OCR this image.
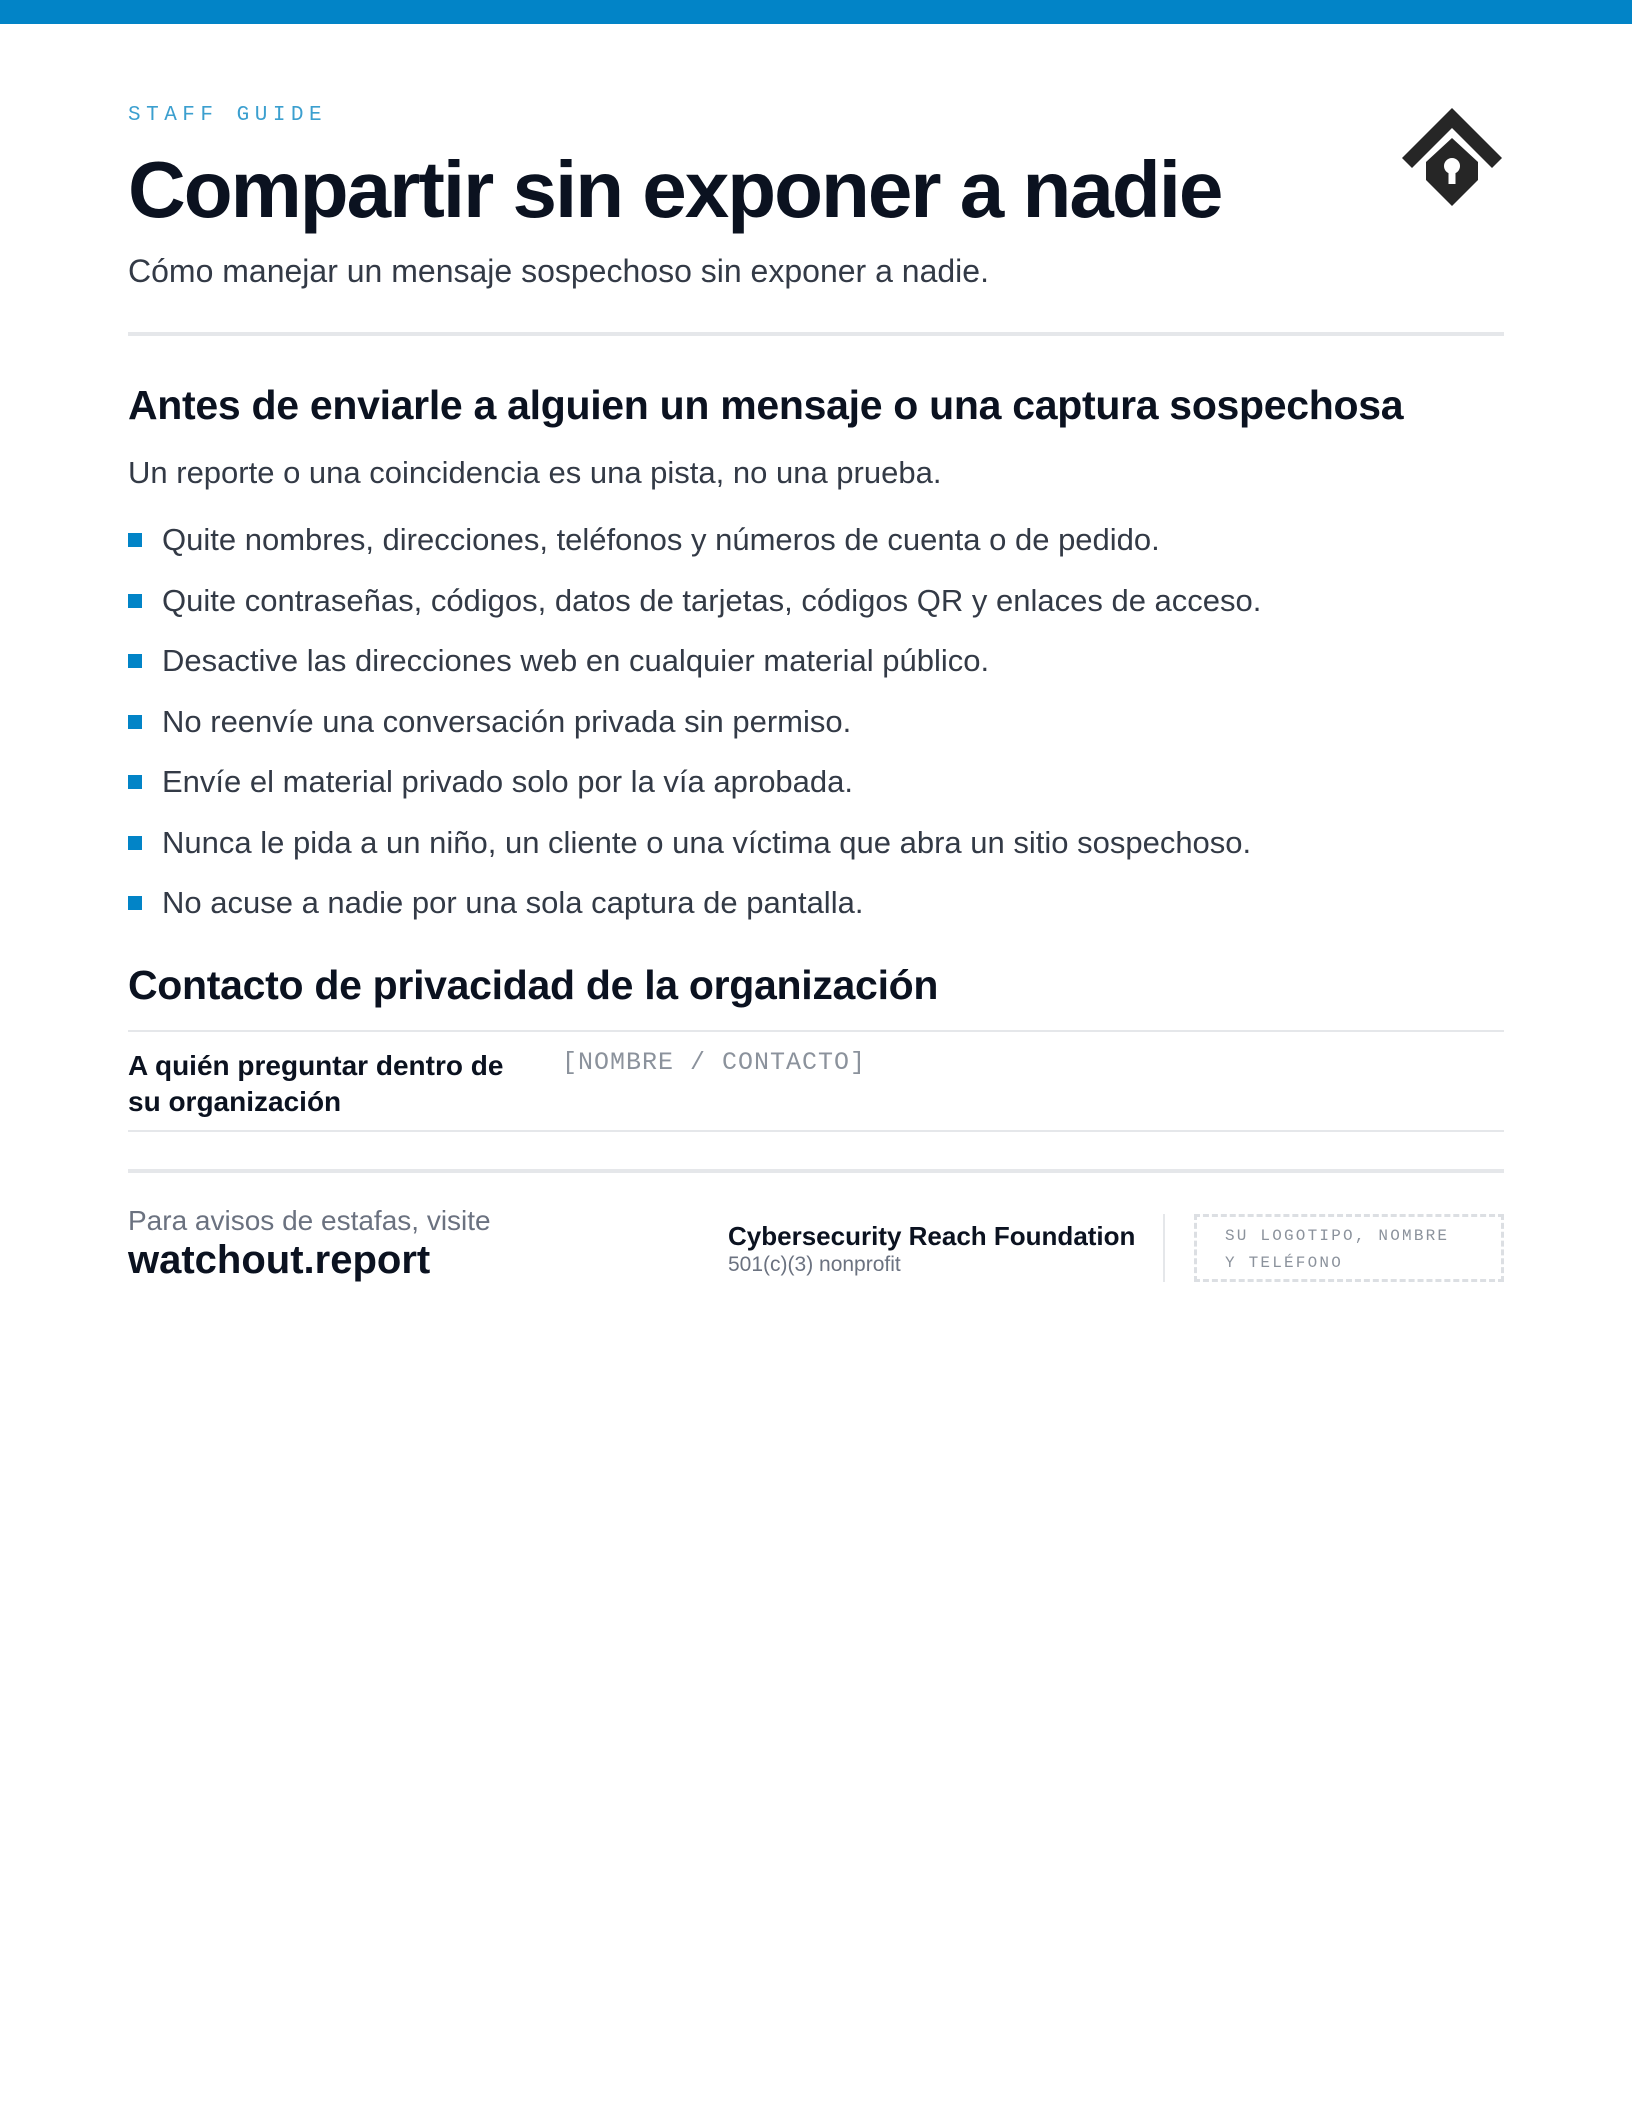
STAFF GUIDE
Compartir sin exponer a nadie
Cómo manejar un mensaje sospechoso sin exponer a nadie.
Antes de enviarle a alguien un mensaje o una captura sospechosa
Un reporte o una coincidencia es una pista, no una prueba.
Quite nombres, direcciones, teléfonos y números de cuenta o de pedido.
Quite contraseñas, códigos, datos de tarjetas, códigos QR y enlaces de acceso.
Desactive las direcciones web en cualquier material público.
No reenvíe una conversación privada sin permiso.
Envíe el material privado solo por la vía aprobada.
Nunca le pida a un niño, un cliente o una víctima que abra un sitio sospechoso.
No acuse a nadie por una sola captura de pantalla.
Contacto de privacidad de la organización
A quién preguntar dentro de su organización
[NOMBRE / CONTACTO]
Para avisos de estafas, visite
watchout.report
Cybersecurity Reach Foundation
501(c)(3) nonprofit
SU LOGOTIPO, NOMBRE
Y TELÉFONO
